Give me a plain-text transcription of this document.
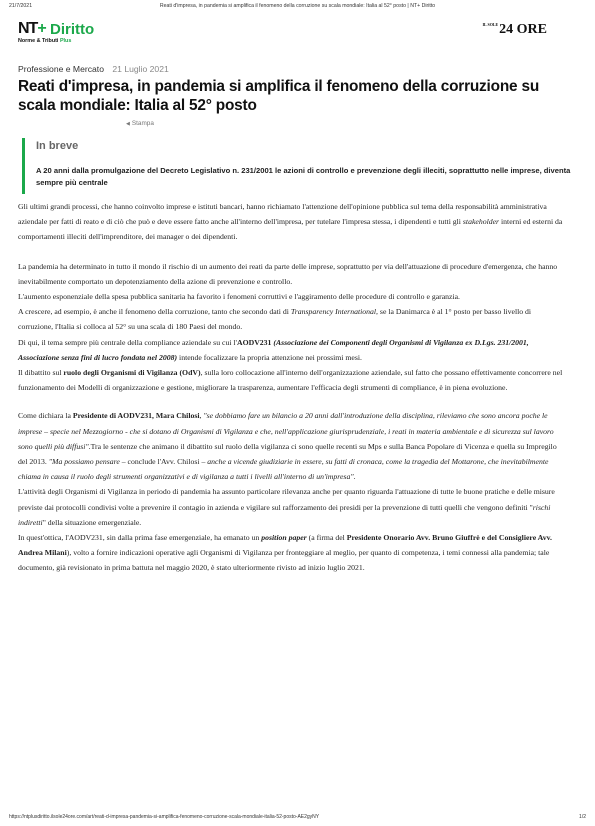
21/7/2021	Reati d'impresa, in pandemia si amplifica il fenomeno della corruzione su scala mondiale: Italia al 52° posto | NT+ Diritto
NT+ Diritto
Norme & Tributi Plus
$^{IL SOLE}$24 ORE
Professione e Mercato 21 Luglio 2021
Reati d'impresa, in pandemia si amplifica il fenomeno della corruzione su scala mondiale: Italia al 52° posto
◀ Stampa
In breve
A 20 anni dalla promulgazione del Decreto Legislativo n. 231/2001 le azioni di controllo e prevenzione degli illeciti, soprattutto nelle imprese, diventa sempre più centrale

Gli ultimi grandi processi, che hanno coinvolto imprese e istituti bancari, hanno richiamato l'attenzione dell'opinione pubblica sul tema della responsabilità amministrativa aziendale per fatti di reato e di ciò che può e deve essere fatto anche all'interno dell'impresa, per tutelare l'impresa stessa, i dipendenti e tutti gli stakeholder interni ed esterni da comportamenti illeciti dell'imprenditore, dei manager o dei dipendenti.

La pandemia ha determinato in tutto il mondo il rischio di un aumento dei reati da parte delle imprese, soprattutto per via dell'attuazione di procedure d'emergenza, che hanno inevitabilmente comportato un depotenziamento della azione di prevenzione e controllo.

L'aumento esponenziale della spesa pubblica sanitaria ha favorito i fenomeni corruttivi e l'aggiramento delle procedure di controllo e garanzia.

A crescere, ad esempio, è anche il fenomeno della corruzione, tanto che secondo dati di Transparency International, se la Danimarca è al 1° posto per basso livello di corruzione, l'Italia si colloca al 52° su una scala di 180 Paesi del mondo.

Di qui, il tema sempre più centrale della compliance aziendale su cui l'AODV231 (Associazione dei Componenti degli Organismi di Vigilanza ex D.Lgs. 231/2001, Associazione senza fini di lucro fondata nel 2008) intende focalizzare la propria attenzione nei prossimi mesi.

Il dibattito sul ruolo degli Organismi di Vigilanza (OdV), sulla loro collocazione all'interno dell'organizzazione aziendale, sul fatto che possano effettivamente concorrere nel funzionamento dei Modelli di organizzazione e gestione, migliorare la trasparenza, aumentare l'efficacia degli strumenti di compliance, è in piena evoluzione.

Come dichiara la Presidente di AODV231, Mara Chilosi, "se dobbiamo fare un bilancio a 20 anni dall'introduzione della disciplina, rileviamo che sono ancora poche le imprese – specie nel Mezzogiorno - che si dotano di Organismi di Vigilanza e che, nell'applicazione giurisprudenziale, i reati in materia ambientale e di sicurezza sul lavoro sono quelli più diffusi".Tra le sentenze che animano il dibattito sul ruolo della vigilanza ci sono quelle recenti su Mps e sulla Banca Popolare di Vicenza e quella su Impregilo del 2013. "Ma possiamo pensare – conclude l'Avv. Chilosi – anche a vicende giudiziarie in essere, su fatti di cronaca, come la tragedia del Mottarone, che inevitabilmente chiama in causa il ruolo degli strumenti organizzativi e di vigilanza a tutti i livelli all'interno di un'impresa".

L'attività degli Organismi di Vigilanza in periodo di pandemia ha assunto particolare rilevanza anche per quanto riguarda l'attuazione di tutte le buone pratiche e delle misure previste dai protocolli condivisi volte a prevenire il contagio in azienda e vigilare sul rafforzamento dei presidi per la prevenzione di tutti quelli che vengono definiti "rischi indiretti" della situazione emergenziale.

In quest'ottica, l'AODV231, sin dalla prima fase emergenziale, ha emanato un position paper (a firma del Presidente Onorario Avv. Bruno Giuffrè e del Consigliere Avv. Andrea Milani), volto a fornire indicazioni operative agli Organismi di Vigilanza per fronteggiare al meglio, per quanto di competenza, i temi connessi alla pandemia; tale documento, già revisionato in prima battuta nel maggio 2020, è stato ulteriormente rivisto ad inizio luglio 2021.

https://ntplusdiritto.ilsole24ore.com/art/reati-d-impresa-pandemia-si-amplifica-fenomeno-corruzione-scala-mondiale-italia-52-posto-AE2gyNY	1/2
